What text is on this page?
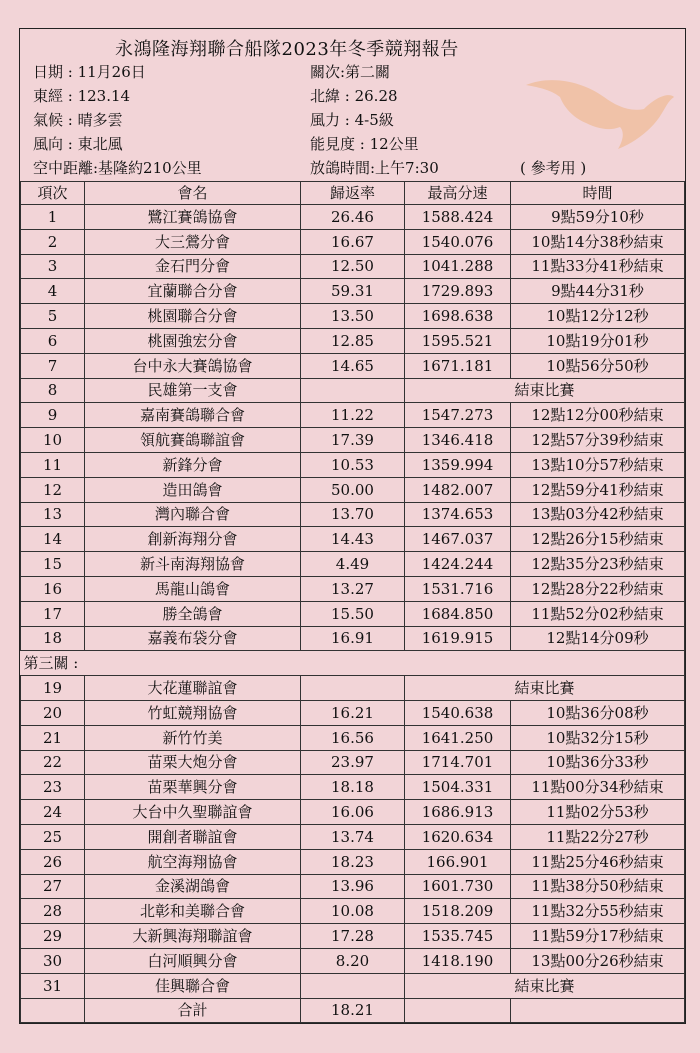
永鴻隆海翔聯合船隊2023年冬季競翔報告
日期 : 11月26日	關次:第二關
東經 : 123.14	北緯 : 26.28
氣候 : 晴多雲	風力 : 4-5級
風向 : 東北風	能見度 : 12公里
空中距離:基隆約210公里	放鴿時間:上午7:30	( 參考用 )
項次	會名	歸返率	最高分速	時間
1	鷺江賽鴿協會	26.46	1588.424	9點59分10秒
2	大三鶯分會	16.67	1540.076	10點14分38秒結束
3	金石門分會	12.50	1041.288	11點33分41秒結束
4	宜蘭聯合分會	59.31	1729.893	9點44分31秒
5	桃園聯合分會	13.50	1698.638	10點12分12秒
6	桃園強宏分會	12.85	1595.521	10點19分01秒
7	台中永大賽鴿協會	14.65	1671.181	10點56分50秒
8	民雄第一支會		結束比賽	
9	嘉南賽鴿聯合會	11.22	1547.273	12點12分00秒結束
10	領航賽鴿聯誼會	17.39	1346.418	12點57分39秒結束
11	新鋒分會	10.53	1359.994	13點10分57秒結束
12	造田鴿會	50.00	1482.007	12點59分41秒結束
13	灣內聯合會	13.70	1374.653	13點03分42秒結束
14	創新海翔分會	14.43	1467.037	12點26分15秒結束
15	新斗南海翔協會	4.49	1424.244	12點35分23秒結束
16	馬龍山鴿會	13.27	1531.716	12點28分22秒結束
17	勝全鴿會	15.50	1684.850	11點52分02秒結束
18	嘉義布袋分會	16.91	1619.915	12點14分09秒
第三關 :				
19	大花蓮聯誼會		結束比賽	
20	竹虹競翔協會	16.21	1540.638	10點36分08秒
21	新竹竹美	16.56	1641.250	10點32分15秒
22	苗栗大炮分會	23.97	1714.701	10點36分33秒
23	苗栗華興分會	18.18	1504.331	11點00分34秒結束
24	大台中久聖聯誼會	16.06	1686.913	11點02分53秒
25	開創者聯誼會	13.74	1620.634	11點22分27秒
26	航空海翔協會	18.23	166.901	11點25分46秒結束
27	金溪湖鴿會	13.96	1601.730	11點38分50秒結束
28	北彰和美聯合會	10.08	1518.209	11點32分55秒結束
29	大新興海翔聯誼會	17.28	1535.745	11點59分17秒結束
30	白河順興分會	8.20	1418.190	13點00分26秒結束
31	佳興聯合會		結束比賽	
	合計	18.21		
